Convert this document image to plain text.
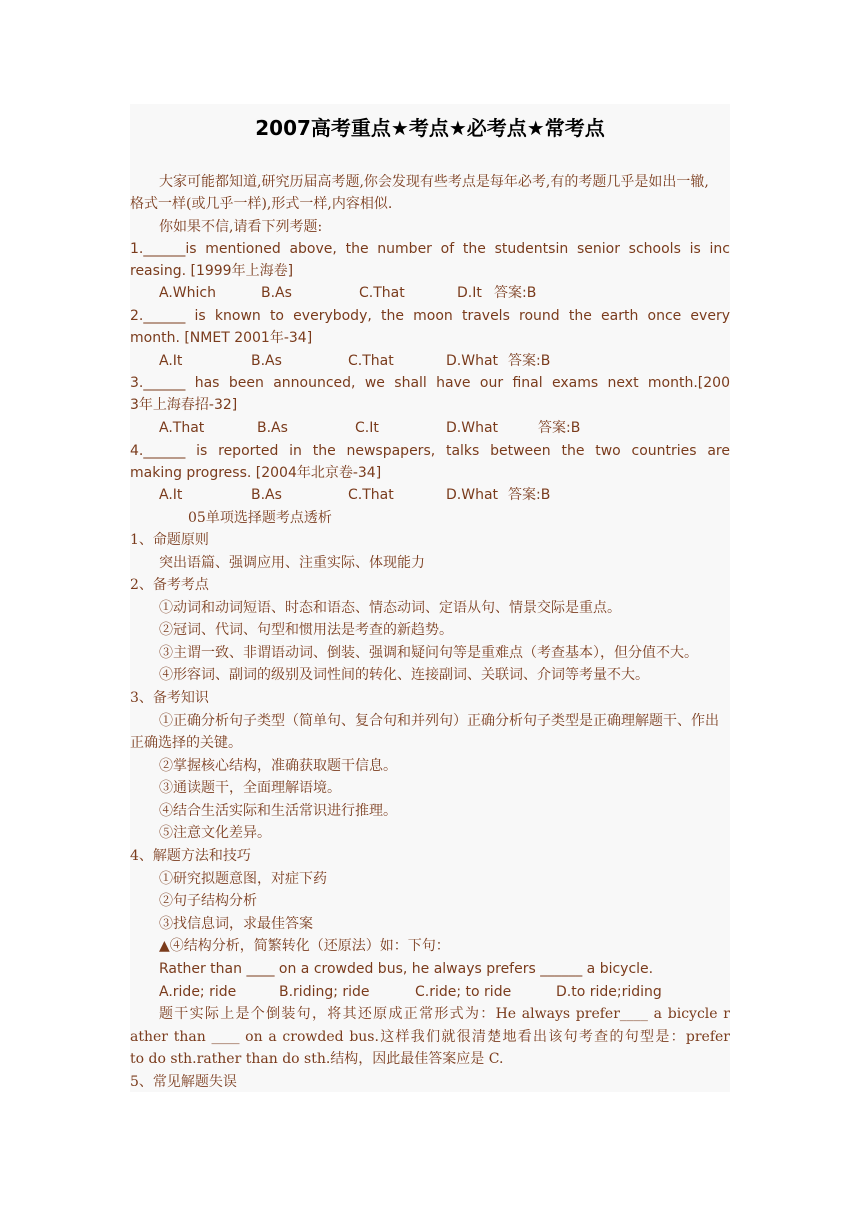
2007高考重点★考点★必考点★常考点
大家可能都知道,研究历届高考题,你会发现有些考点是每年必考,有的考题几乎是如出一辙,
格式一样(或几乎一样),形式一样,内容相似.
你如果不信,请看下列考题:
1.______is mentioned above, the number of the studentsin senior schools is inc
reasing. [1999年上海卷]
A.Which	B.As	C.That	D.It 答案:B
2.______ is known to everybody, the moon travels round the earth once every
month. [NMET 2001年-34]
A.It	B.As	C.That	D.What 答案:B
3.______ has been announced, we shall have our final exams next month.[200
3年上海春招-32]
A.That	B.As	C.It	D.What	答案:B
4.______ is reported in the newspapers, talks between the two countries are
making progress. [2004年北京卷-34]
A.It	B.As	C.That	D.What 答案:B
05单项选择题考点透析
1、命题原则
突出语篇、强调应用、注重实际、体现能力
2、备考考点
①动词和动词短语、时态和语态、情态动词、定语从句、情景交际是重点。
②冠词、代词、句型和惯用法是考查的新趋势。
③主谓一致、非谓语动词、倒装、强调和疑问句等是重难点（考查基本），但分值不大。
④形容词、副词的级别及词性间的转化、连接副词、关联词、介词等考量不大。
3、备考知识
①正确分析句子类型（简单句、复合句和并列句）正确分析句子类型是正确理解题干、作出
正确选择的关键。
②掌握核心结构，准确获取题干信息。
③通读题干，全面理解语境。
④结合生活实际和生活常识进行推理。
⑤注意文化差异。
4、解题方法和技巧
①研究拟题意图，对症下药
②句子结构分析
③找信息词，求最佳答案
▲④结构分析，简繁转化（还原法）如：下句：
Rather than ____ on a crowded bus, he always prefers ______ a bicycle.
A.ride; ride	B.riding; ride	C.ride; to ride	D.to ride;riding
题干实际上是个倒装句，将其还原成正常形式为：He always prefer____ a bicycle r
ather than ____ on a crowded bus.这样我们就很清楚地看出该句考查的句型是：prefer
to do sth.rather than do sth.结构，因此最佳答案应是 C.
5、常见解题失误
